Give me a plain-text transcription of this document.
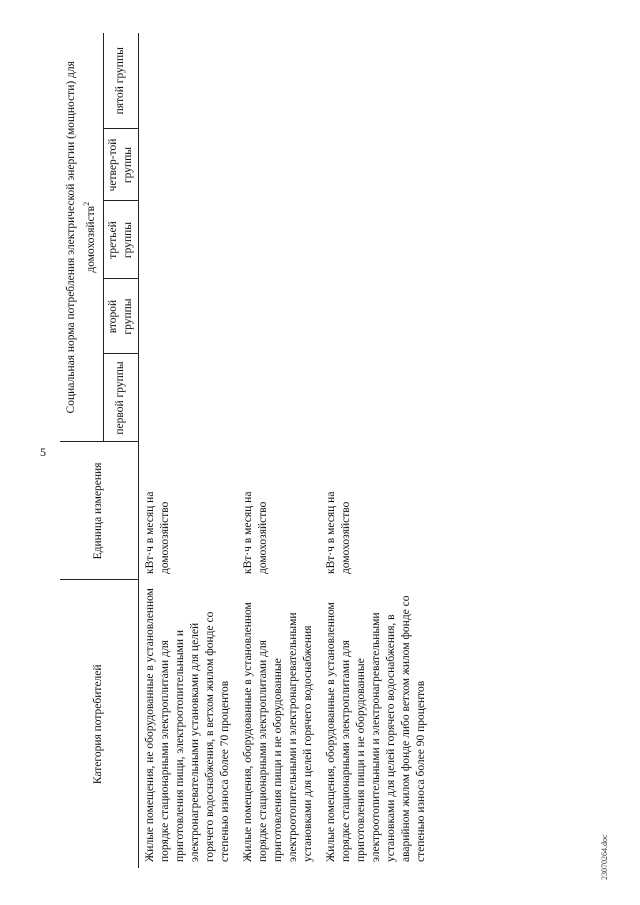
5
23070264.doc
Категория потребителей	Единица измерения	Социальная норма потребления электрической энергии (мощности) для домохозяйств$^2$
		первой группы	второй группы	третьей группы	четвер-той группы	пятой группы
Жилые помещения, не оборудованные в установленном порядке стационарными электроплитами для приготовления пищи, электроотопительными и электронагревательными установками для целей горячего водоснабжения, в ветхом жилом фонде со степенью износа более 70 процентов	кВт·ч в месяц на домохозяйство					
Жилые помещения, оборудованные в установленном порядке стационарными электроплитами для приготовления пищи и не оборудованные электроотопительными и электронагревательными установками для целей горячего водоснабжения	кВт·ч в месяц на домохозяйство					
Жилые помещения, оборудованные в установленном порядке стационарными электроплитами для приготовления пищи и не оборудованные электроотопительными и электронагревательными установками для целей горячего водоснабжения, в аварийном жилом фонде либо ветхом жилом фонде со степенью износа более 90 процентов	кВт·ч в месяц на домохозяйство					
